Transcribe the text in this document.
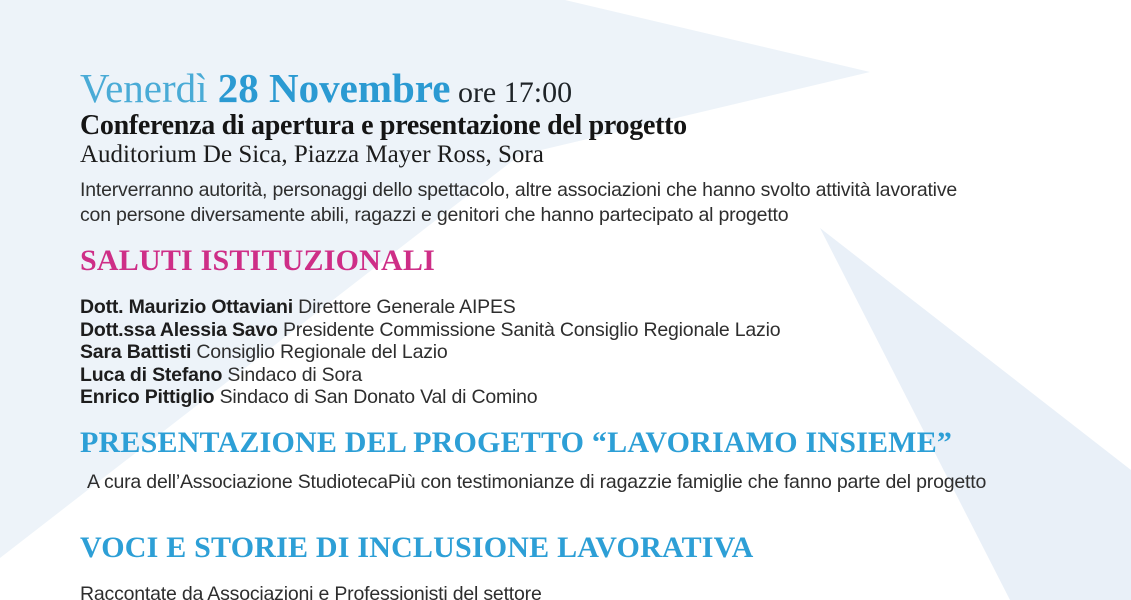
Venerdì 28 Novembre ore 17:00
Conferenza di apertura e presentazione del progetto
Auditorium De Sica, Piazza Mayer Ross, Sora
Interverranno autorità, personaggi dello spettacolo, altre associazioni che hanno svolto attività lavorative con persone diversamente abili, ragazzi e genitori che hanno partecipato al progetto
SALUTI ISTITUZIONALI
Dott. Maurizio Ottaviani Direttore Generale AIPES
Dott.ssa Alessia Savo Presidente Commissione Sanità Consiglio Regionale Lazio
Sara Battisti Consiglio Regionale del Lazio
Luca di Stefano Sindaco di Sora
Enrico Pittiglio Sindaco di San Donato Val di Comino
PRESENTAZIONE DEL PROGETTO “LAVORIAMO INSIEME”
A cura dell’Associazione StudiotecaPiù con testimonianze di ragazzie famiglie che fanno parte del progetto
VOCI E STORIE DI INCLUSIONE LAVORATIVA
Raccontate da Associazioni e Professionisti del settore
